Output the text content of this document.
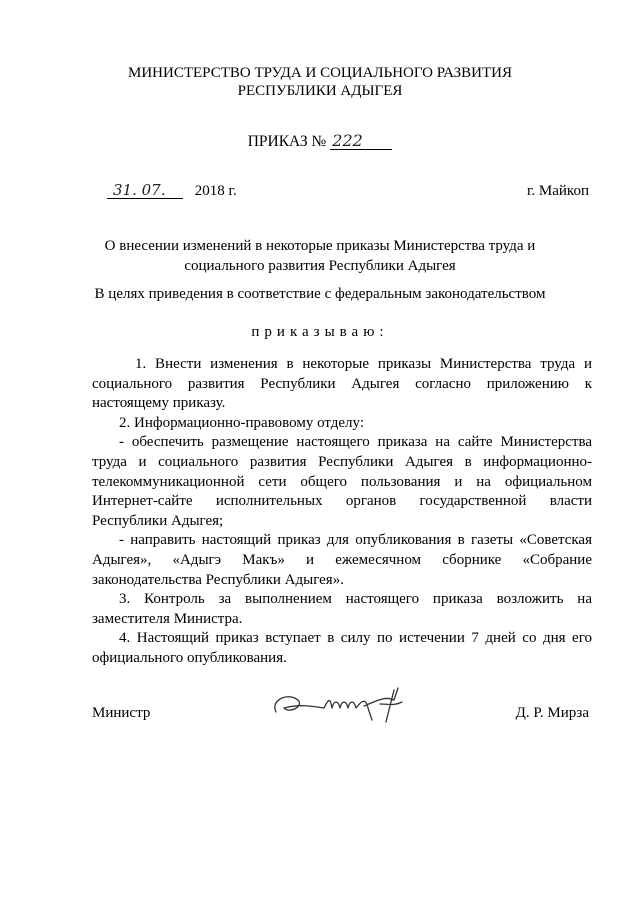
МИНИСТЕРСТВО ТРУДА И СОЦИАЛЬНОГО РАЗВИТИЯ
РЕСПУБЛИКИ АДЫГЕЯ
ПРИКАЗ № 222
31. 07. 2018 г.	г. Майкоп
О внесении изменений в некоторые приказы Министерства труда и
социального развития Республики Адыгея
В целях приведения в соответствие с федеральным законодательством
приказываю:

1. Внести изменения в некоторые приказы Министерства труда и социального развития Республики Адыгея согласно приложению к настоящему приказу.

2. Информационно-правовому отделу:

- обеспечить размещение настоящего приказа на сайте Министерства труда и социального развития Республики Адыгея в информационно-телекоммуникационной сети общего пользования и на официальном Интернет-сайте исполнительных органов государственной власти Республики Адыгея;

- направить настоящий приказ для опубликования в газеты «Советская Адыгея», «Адыгэ Макъ» и ежемесячном сборнике «Собрание законодательства Республики Адыгея».

3. Контроль за выполнением настоящего приказа возложить на заместителя Министра.

4. Настоящий приказ вступает в силу по истечении 7 дней со дня его официального опубликования.

Министр	Д. Р. Мирза
